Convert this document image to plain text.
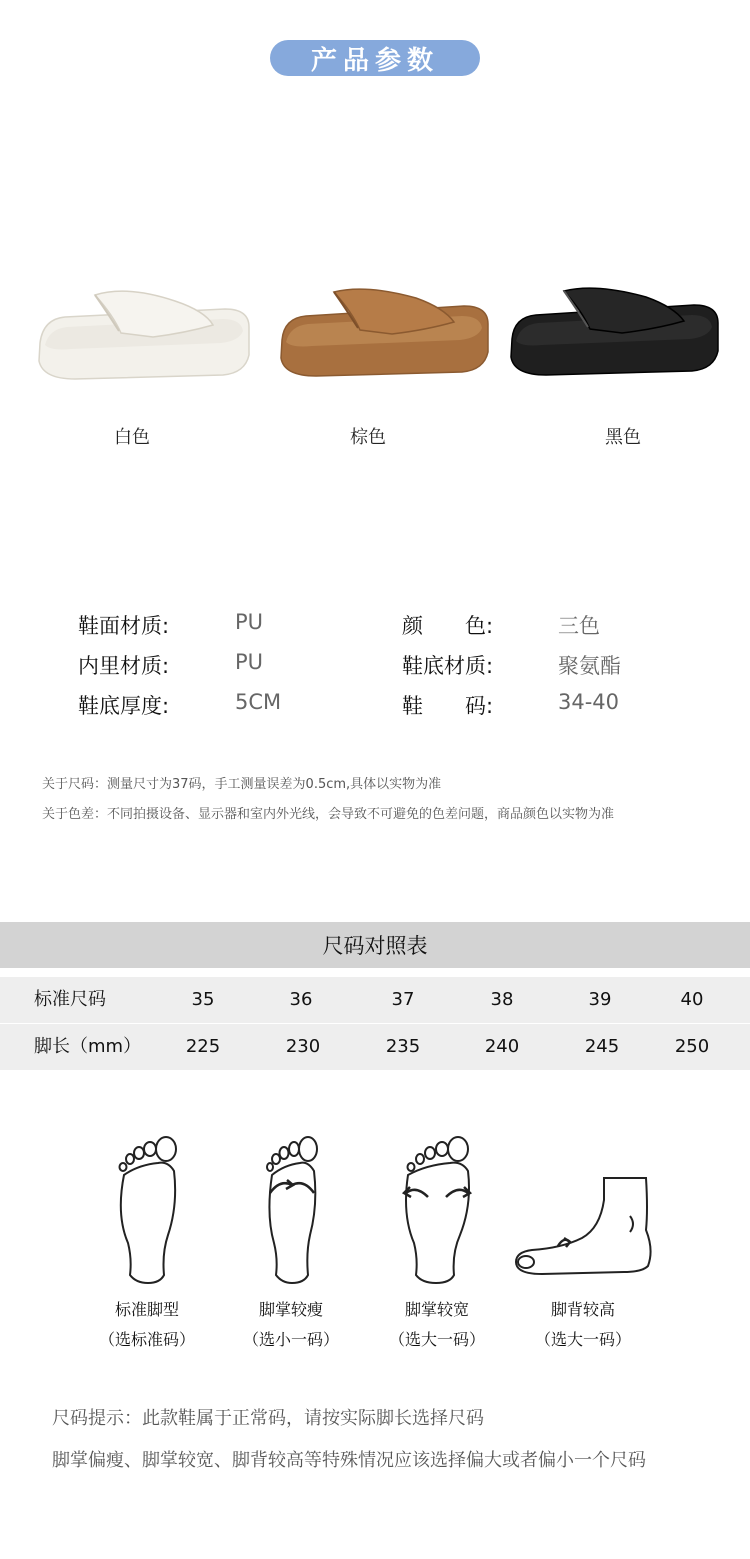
产品参数
白色	棕色	黑色
鞋面材质:	PU	颜　　色:	三色
内里材质:	PU	鞋底材质:	聚氨酯
鞋底厚度:	5CM	鞋　　码:	34-40
关于尺码：测量尺寸为37码，手工测量误差为0.5cm,具体以实物为准
关于色差：不同拍摄设备、显示器和室内外光线，会导致不可避免的色差问题，商品颜色以实物为准
尺码对照表
标准尺码	35	36	37	38	39	40
脚长（mm）	225	230	235	240	245	250
标准脚型
（选标准码）
脚掌较瘦
（选小一码）
脚掌较宽
（选大一码）
脚背较高
（选大一码）
尺码提示：此款鞋属于正常码，请按实际脚长选择尺码
脚掌偏瘦、脚掌较宽、脚背较高等特殊情况应该选择偏大或者偏小一个尺码
